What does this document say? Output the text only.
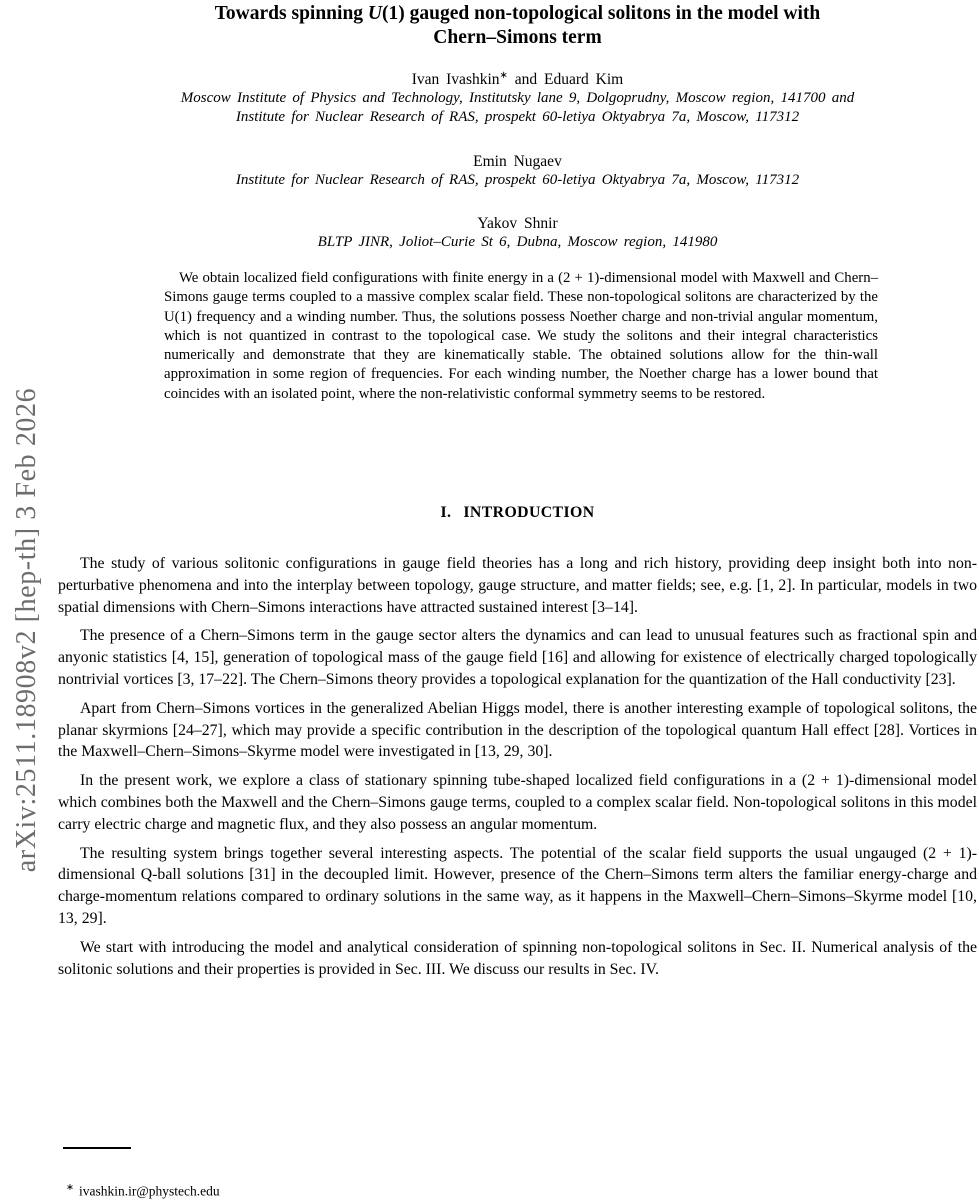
arXiv:2511.18908v2 [hep-th] 3 Feb 2026
Towards spinning U(1) gauged non-topological solitons in the model with
Chern–Simons term
Ivan Ivashkin∗ and Eduard Kim
Moscow Institute of Physics and Technology, Institutsky lane 9, Dolgoprudny, Moscow region, 141700 and
Institute for Nuclear Research of RAS, prospekt 60-letiya Oktyabrya 7a, Moscow, 117312
Emin Nugaev
Institute for Nuclear Research of RAS, prospekt 60-letiya Oktyabrya 7a, Moscow, 117312
Yakov Shnir
BLTP JINR, Joliot–Curie St 6, Dubna, Moscow region, 141980
We obtain localized field configurations with finite energy in a (2 + 1)-dimensional model with Maxwell and Chern–Simons gauge terms coupled to a massive complex scalar field. These non-topological solitons are characterized by the U(1) frequency and a winding number. Thus, the solutions possess Noether charge and non-trivial angular momentum, which is not quantized in contrast to the topological case. We study the solitons and their integral characteristics numerically and demonstrate that they are kinematically stable. The obtained solutions allow for the thin-wall approximation in some region of frequencies. For each winding number, the Noether charge has a lower bound that coincides with an isolated point, where the non-relativistic conformal symmetry seems to be restored.
I. INTRODUCTION

The study of various solitonic configurations in gauge field theories has a long and rich history, providing deep insight both into non-perturbative phenomena and into the interplay between topology, gauge structure, and matter fields; see, e.g. [1, 2]. In particular, models in two spatial dimensions with Chern–Simons interactions have attracted sustained interest [3–14].

The presence of a Chern–Simons term in the gauge sector alters the dynamics and can lead to unusual features such as fractional spin and anyonic statistics [4, 15], generation of topological mass of the gauge field [16] and allowing for existence of electrically charged topologically nontrivial vortices [3, 17–22]. The Chern–Simons theory provides a topological explanation for the quantization of the Hall conductivity [23].

Apart from Chern–Simons vortices in the generalized Abelian Higgs model, there is another interesting example of topological solitons, the planar skyrmions [24–27], which may provide a specific contribution in the description of the topological quantum Hall effect [28]. Vortices in the Maxwell–Chern–Simons–Skyrme model were investigated in [13, 29, 30].

In the present work, we explore a class of stationary spinning tube-shaped localized field configurations in a (2 + 1)-dimensional model which combines both the Maxwell and the Chern–Simons gauge terms, coupled to a complex scalar field. Non-topological solitons in this model carry electric charge and magnetic flux, and they also possess an angular momentum.

The resulting system brings together several interesting aspects. The potential of the scalar field supports the usual ungauged (2 + 1)-dimensional Q-ball solutions [31] in the decoupled limit. However, presence of the Chern–Simons term alters the familiar energy-charge and charge-momentum relations compared to ordinary solutions in the same way, as it happens in the Maxwell–Chern–Simons–Skyrme model [10, 13, 29].

We start with introducing the model and analytical consideration of spinning non-topological solitons in Sec. II. Numerical analysis of the solitonic solutions and their properties is provided in Sec. III. We discuss our results in Sec. IV.

∗ ivashkin.ir@phystech.edu
